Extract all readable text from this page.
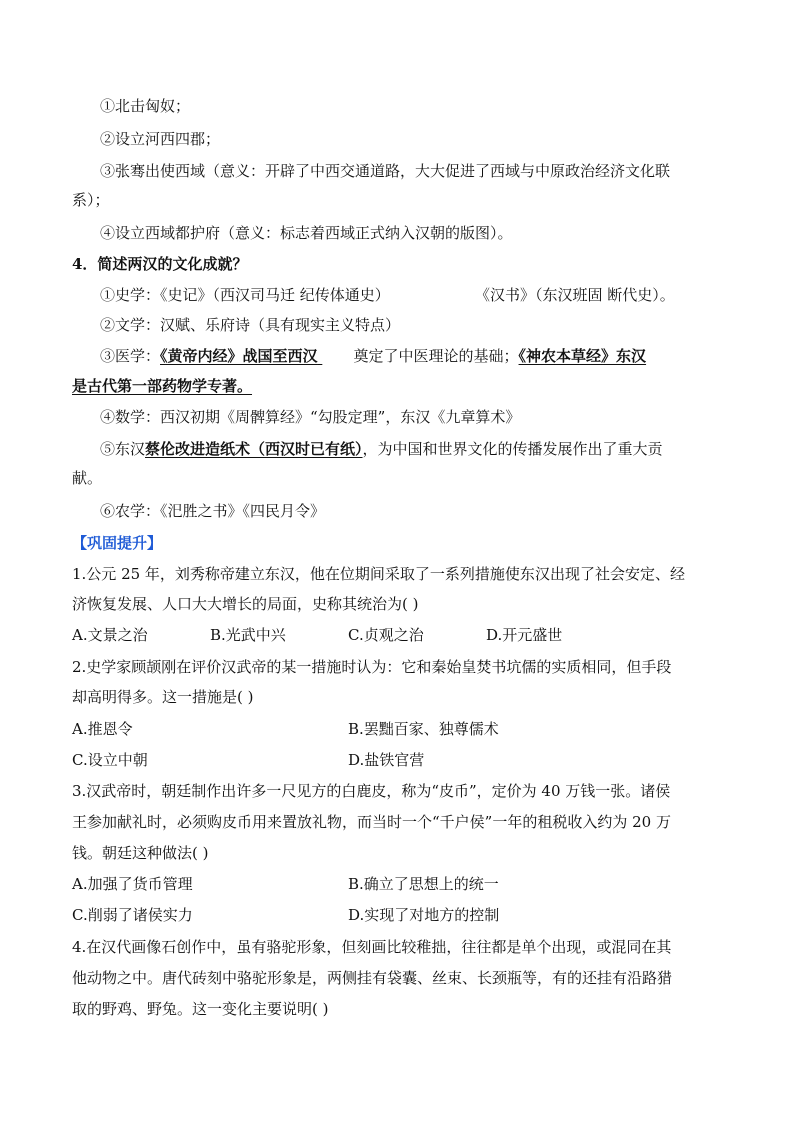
①北击匈奴；
②设立河西四郡；
③张骞出使西域（意义：开辟了中西交通道路，大大促进了西域与中原政治经济文化联
系）；
④设立西域都护府（意义：标志着西域正式纳入汉朝的版图）。
4．简述两汉的文化成就？
①史学：《史记》（西汉司马迁 纪传体通史）	《汉书》（东汉班固 断代史）。
②文学：汉赋、乐府诗（具有现实主义特点）
③医学：《黄帝内经》战国至西汉 奠定了中医理论的基础；《神农本草经》东汉
是古代第一部药物学专著。
④数学：西汉初期《周髀算经》“勾股定理”，东汉《九章算术》
⑤东汉蔡伦改进造纸术（西汉时已有纸），为中国和世界文化的传播发展作出了重大贡
献。
⑥农学：《汜胜之书》《四民月令》
【巩固提升】
1.公元 25 年，刘秀称帝建立东汉，他在位期间采取了一系列措施使东汉出现了社会安定、经
济恢复发展、人口大大增长的局面，史称其统治为( )
A.文景之治	B.光武中兴	C.贞观之治	D.开元盛世
2.史学家顾颉刚在评价汉武帝的某一措施时认为：它和秦始皇焚书坑儒的实质相同，但手段
却高明得多。这一措施是( )
A.推恩令	B.罢黜百家、独尊儒术
C.设立中朝	D.盐铁官营
3.汉武帝时，朝廷制作出许多一尺见方的白鹿皮，称为“皮币”，定价为 40 万钱一张。诸侯
王参加献礼时，必须购皮币用来置放礼物，而当时一个“千户侯”一年的租税收入约为 20 万
钱。朝廷这种做法( )
A.加强了货币管理	B.确立了思想上的统一
C.削弱了诸侯实力	D.实现了对地方的控制
4.在汉代画像石创作中，虽有骆驼形象，但刻画比较稚拙，往往都是单个出现，或混同在其
他动物之中。唐代砖刻中骆驼形象是，两侧挂有袋囊、丝束、长颈瓶等，有的还挂有沿路猎
取的野鸡、野兔。这一变化主要说明( )
